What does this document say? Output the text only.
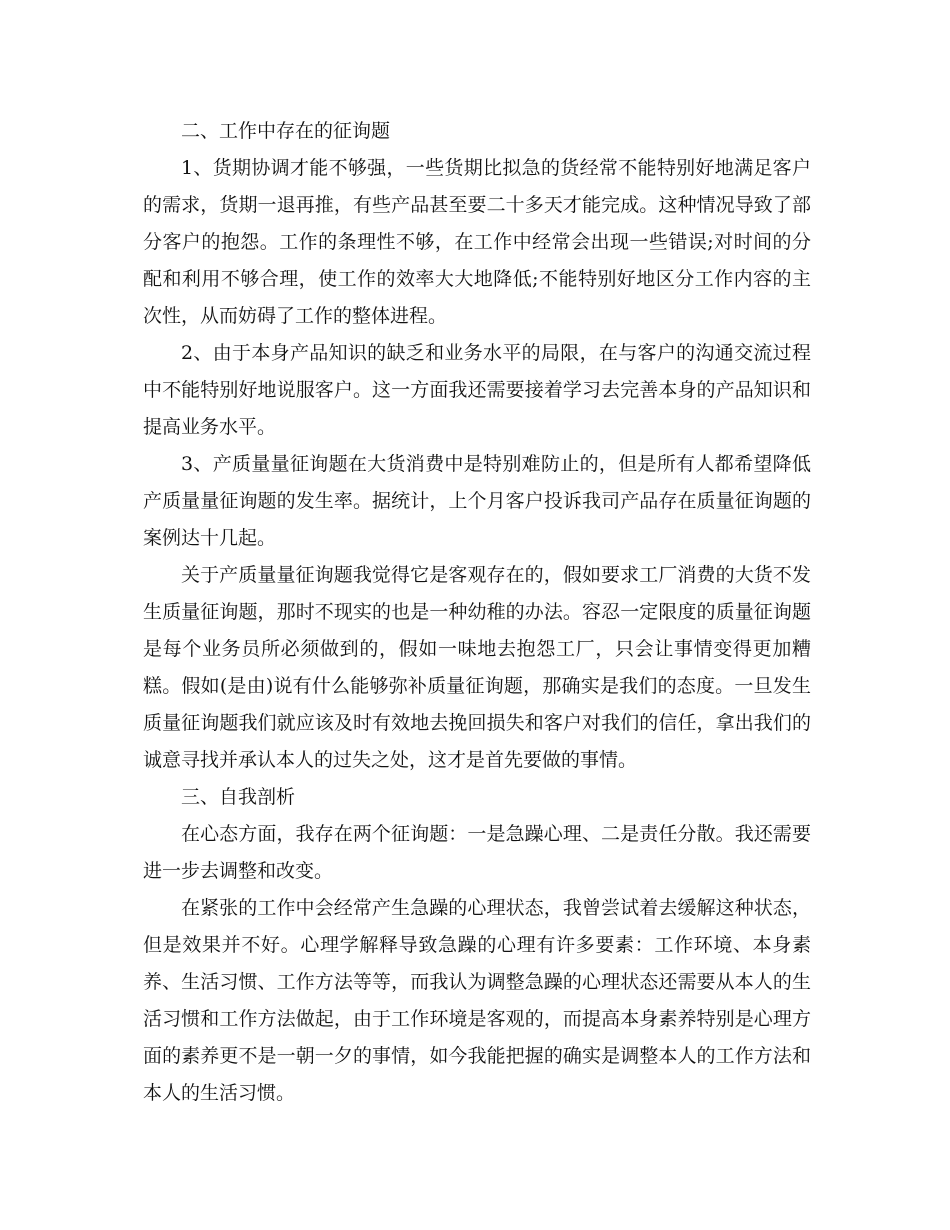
二、工作中存在的征询题

1、货期协调才能不够强，一些货期比拟急的货经常不能特别好地满足客户的需求，货期一退再推，有些产品甚至要二十多天才能完成。这种情况导致了部分客户的抱怨。工作的条理性不够，在工作中经常会出现一些错误;对时间的分配和利用不够合理，使工作的效率大大地降低;不能特别好地区分工作内容的主次性，从而妨碍了工作的整体进程。

2、由于本身产品知识的缺乏和业务水平的局限，在与客户的沟通交流过程中不能特别好地说服客户。这一方面我还需要接着学习去完善本身的产品知识和提高业务水平。

3、产质量量征询题在大货消费中是特别难防止的，但是所有人都希望降低产质量量征询题的发生率。据统计，上个月客户投诉我司产品存在质量征询题的案例达十几起。

关于产质量量征询题我觉得它是客观存在的，假如要求工厂消费的大货不发生质量征询题，那时不现实的也是一种幼稚的办法。容忍一定限度的质量征询题是每个业务员所必须做到的，假如一味地去抱怨工厂，只会让事情变得更加糟糕。假如(是由)说有什么能够弥补质量征询题，那确实是我们的态度。一旦发生质量征询题我们就应该及时有效地去挽回损失和客户对我们的信任，拿出我们的诚意寻找并承认本人的过失之处，这才是首先要做的事情。

三、自我剖析

在心态方面，我存在两个征询题：一是急躁心理、二是责任分散。我还需要进一步去调整和改变。

在紧张的工作中会经常产生急躁的心理状态，我曾尝试着去缓解这种状态，但是效果并不好。心理学解释导致急躁的心理有许多要素：工作环境、本身素养、生活习惯、工作方法等等，而我认为调整急躁的心理状态还需要从本人的生活习惯和工作方法做起，由于工作环境是客观的，而提高本身素养特别是心理方面的素养更不是一朝一夕的事情，如今我能把握的确实是调整本人的工作方法和本人的生活习惯。
